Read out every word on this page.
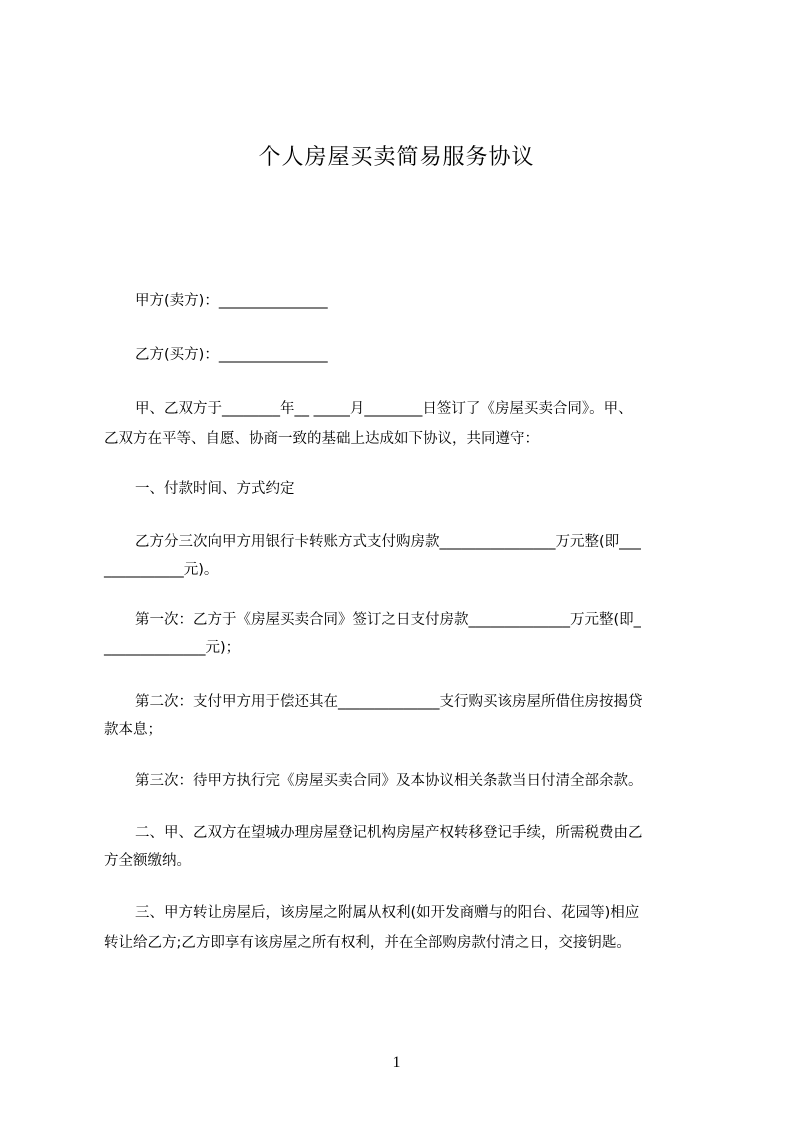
个人房屋买卖简易服务协议
甲方(卖方)：_______________
乙方(买方)：_______________
甲、乙双方于________年__ _____月________日签订了《房屋买卖合同》。甲、
乙双方在平等、自愿、协商一致的基础上达成如下协议，共同遵守：
一、付款时间、方式约定
乙方分三次向甲方用银行卡转账方式支付购房款________________万元整(即___
___________元)。
第一次：乙方于《房屋买卖合同》签订之日支付房款______________万元整(即_
______________元)；
第二次：支付甲方用于偿还其在______________支行购买该房屋所借住房按揭贷
款本息；
第三次：待甲方执行完《房屋买卖合同》及本协议相关条款当日付清全部余款。
二、甲、乙双方在望城办理房屋登记机构房屋产权转移登记手续，所需税费由乙
方全额缴纳。
三、甲方转让房屋后，该房屋之附属从权利(如开发商赠与的阳台、花园等)相应
转让给乙方;乙方即享有该房屋之所有权利，并在全部购房款付清之日，交接钥匙。
1
